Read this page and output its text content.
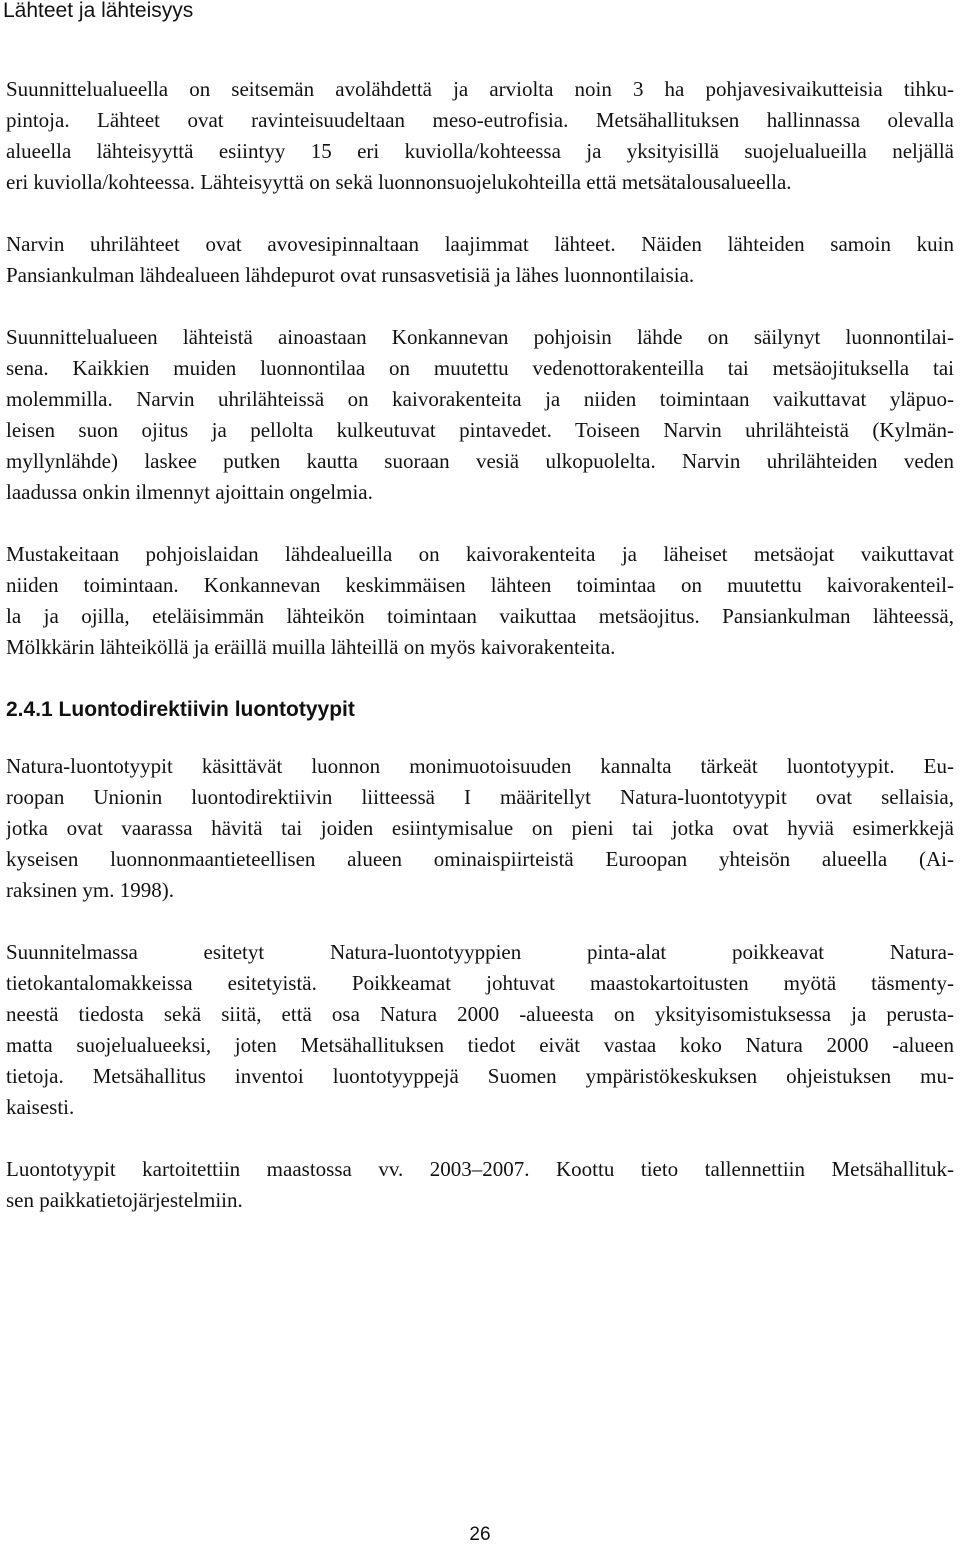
Lähteet ja lähteisyys
Suunnittelualueella on seitsemän avolähdettä ja arviolta noin 3 ha pohjavesivaikutteisia tihku-
pintoja. Lähteet ovat ravinteisuudeltaan meso-eutrofisia. Metsähallituksen hallinnassa olevalla
alueella lähteisyyttä esiintyy 15 eri kuviolla/kohteessa ja yksityisillä suojelualueilla neljällä
eri kuviolla/kohteessa. Lähteisyyttä on sekä luonnonsuojelukohteilla että metsätalousalueella.
Narvin uhrilähteet ovat avovesipinnaltaan laajimmat lähteet. Näiden lähteiden samoin kuin
Pansiankulman lähdealueen lähdepurot ovat runsasvetisiä ja lähes luonnontilaisia.
Suunnittelualueen lähteistä ainoastaan Konkannevan pohjoisin lähde on säilynyt luonnontilai-
sena. Kaikkien muiden luonnontilaa on muutettu vedenottorakenteilla tai metsäojituksella tai
molemmilla. Narvin uhrilähteissä on kaivorakenteita ja niiden toimintaan vaikuttavat yläpuo-
leisen suon ojitus ja pellolta kulkeutuvat pintavedet. Toiseen Narvin uhrilähteistä (Kylmän-
myllynlähde) laskee putken kautta suoraan vesiä ulkopuolelta. Narvin uhrilähteiden veden
laadussa onkin ilmennyt ajoittain ongelmia.
Mustakeitaan pohjoislaidan lähdealueilla on kaivorakenteita ja läheiset metsäojat vaikuttavat
niiden toimintaan. Konkannevan keskimmäisen lähteen toimintaa on muutettu kaivorakenteil-
la ja ojilla, eteläisimmän lähteikön toimintaan vaikuttaa metsäojitus. Pansiankulman lähteessä,
Mölkkärin lähteiköllä ja eräillä muilla lähteillä on myös kaivorakenteita.
2.4.1 Luontodirektiivin luontotyypit
Natura-luontotyypit käsittävät luonnon monimuotoisuuden kannalta tärkeät luontotyypit. Eu-
roopan Unionin luontodirektiivin liitteessä I määritellyt Natura-luontotyypit ovat sellaisia,
jotka ovat vaarassa hävitä tai joiden esiintymisalue on pieni tai jotka ovat hyviä esimerkkejä
kyseisen luonnonmaantieteellisen alueen ominaispiirteistä Euroopan yhteisön alueella (Ai-
raksinen ym. 1998).
Suunnitelmassa esitetyt Natura-luontotyyppien pinta-alat poikkeavat Natura-
tietokantalomakkeissa esitetyistä. Poikkeamat johtuvat maastokartoitusten myötä täsmenty-
neestä tiedosta sekä siitä, että osa Natura 2000 -alueesta on yksityisomistuksessa ja perusta-
matta suojelualueeksi, joten Metsähallituksen tiedot eivät vastaa koko Natura 2000 -alueen
tietoja. Metsähallitus inventoi luontotyyppejä Suomen ympäristökeskuksen ohjeistuksen mu-
kaisesti.
Luontotyypit kartoitettiin maastossa vv. 2003–2007. Koottu tieto tallennettiin Metsähallituk-
sen paikkatietojärjestelmiin.
26
